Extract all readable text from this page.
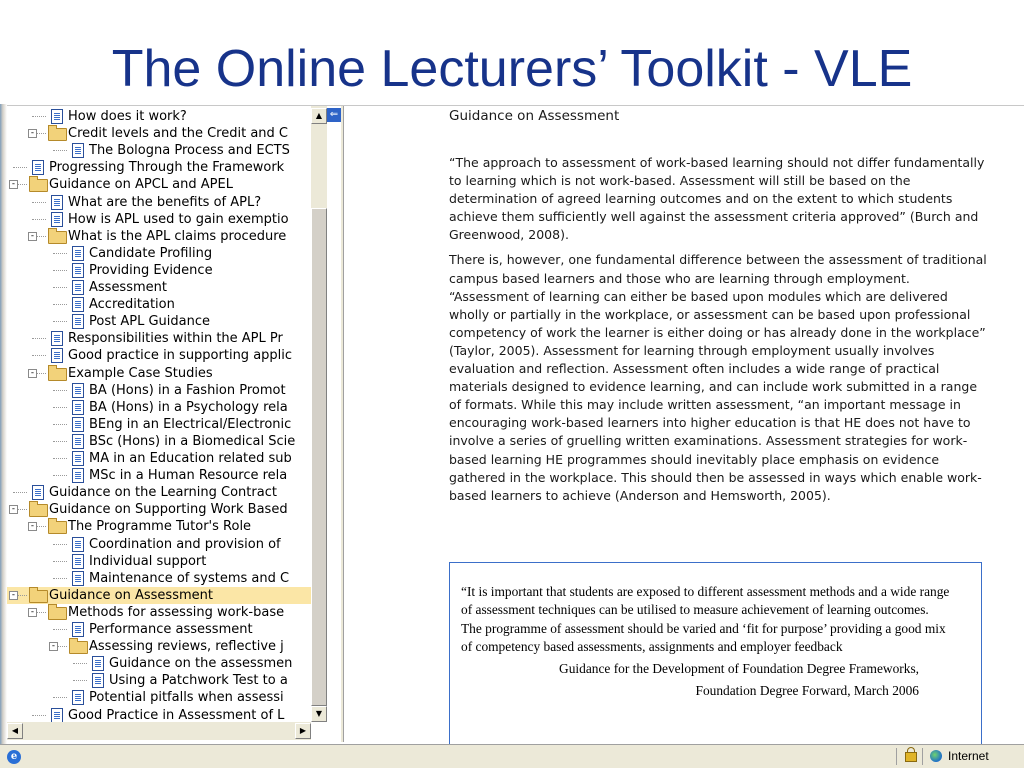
The Online Lecturers’ Toolkit - VLE
How does it work?
-	Credit levels and the Credit and C
The Bologna Process and ECTS
Progressing Through the Framework
-	Guidance on APCL and APEL
What are the benefits of APL?
How is APL used to gain exemptio
-	What is the APL claims procedure
Candidate Profiling
Providing Evidence
Assessment
Accreditation
Post APL Guidance
Responsibilities within the APL Pr
Good practice in supporting applic
-	Example Case Studies
BA (Hons) in a Fashion Promot
BA (Hons) in a Psychology rela
BEng in an Electrical/Electronic
BSc (Hons) in a Biomedical Scie
MA in an Education related sub
MSc in a Human Resource rela
Guidance on the Learning Contract
-	Guidance on Supporting Work Based
-	The Programme Tutor's Role
Coordination and provision of
Individual support
Maintenance of systems and C
-	Guidance on Assessment
-	Methods for assessing work-base
Performance assessment
-	Assessing reviews, reflective j
Guidance on the assessmen
Using a Patchwork Test to a
Potential pitfalls when assessi
Good Practice in Assessment of L
▲
▼
⇐
◀	▶
Guidance on Assessment

“The approach to assessment of work-based learning should not differ fundamentally to learning which is not work-based. Assessment will still be based on the determination of agreed learning outcomes and on the extent to which students achieve them sufficiently well against the assessment criteria approved” (Burch and Greenwood, 2008).

There is, however, one fundamental difference between the assessment of traditional campus based learners and those who are learning through employment. “Assessment of learning can either be based upon modules which are delivered wholly or partially in the workplace, or assessment can be based upon professional competency of work the learner is either doing or has already done in the workplace” (Taylor, 2005). Assessment for learning through employment usually involves evaluation and reflection. Assessment often includes a wide range of practical materials designed to evidence learning, and can include work submitted in a range of formats. While this may include written assessment, “an important message in encouraging work-based learners into higher education is that HE does not have to involve a series of gruelling written examinations. Assessment strategies for work-based learning HE programmes should inevitably place emphasis on evidence gathered in the workplace. This should then be assessed in ways which enable work-based learners to achieve (Anderson and Hemsworth, 2005).

“It is important that students are exposed to different assessment methods and a wide range of assessment techniques can be utilised to measure achievement of learning outcomes. The programme of assessment should be varied and ‘fit for purpose’ providing a good mix of competency based assessments, assignments and employer feedback
Guidance for the Development of Foundation Degree Frameworks,
Foundation Degree Forward, March 2006
e	Internet
